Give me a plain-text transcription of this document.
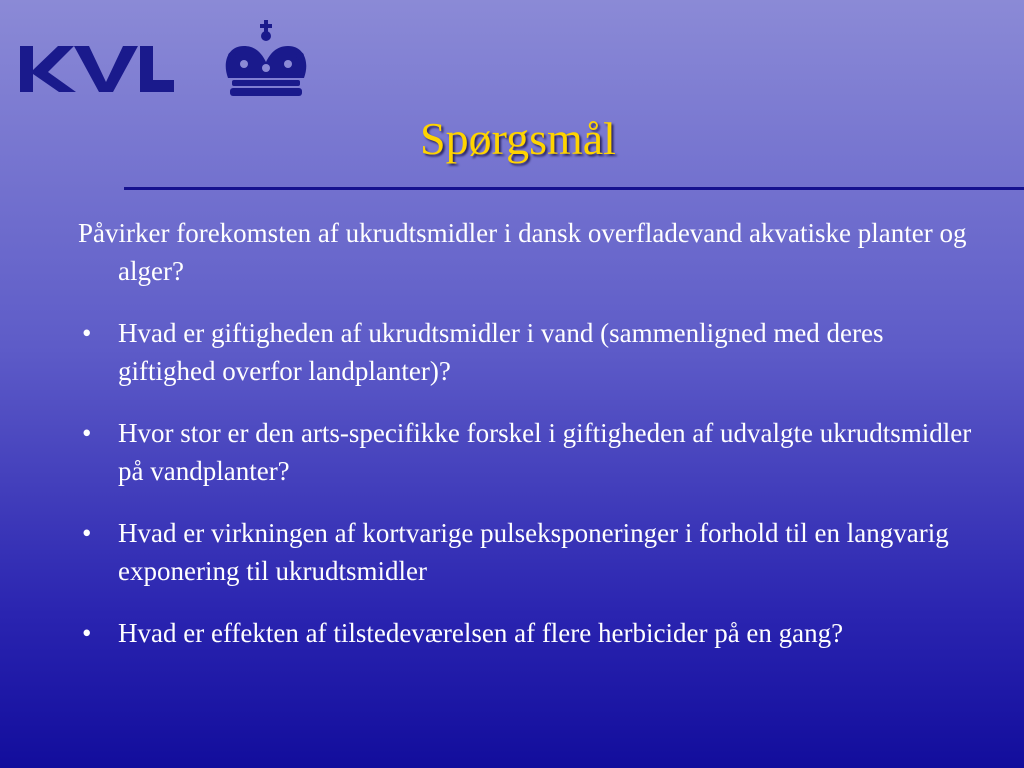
Spørgsmål

Påvirker forekomsten af ukrudtsmidler i dansk overfladevand akvatiske planter og alger?

• Hvad er giftigheden af ukrudtsmidler i vand (sammenligned med deres giftighed overfor landplanter)?
• Hvor stor er den arts-specifikke forskel i giftigheden af udvalgte ukrudtsmidler på vandplanter?
• Hvad er virkningen af kortvarige pulseksponeringer i forhold til en langvarig exponering til ukrudtsmidler
• Hvad er effekten af tilstedeværelsen af flere herbicider på en gang?
